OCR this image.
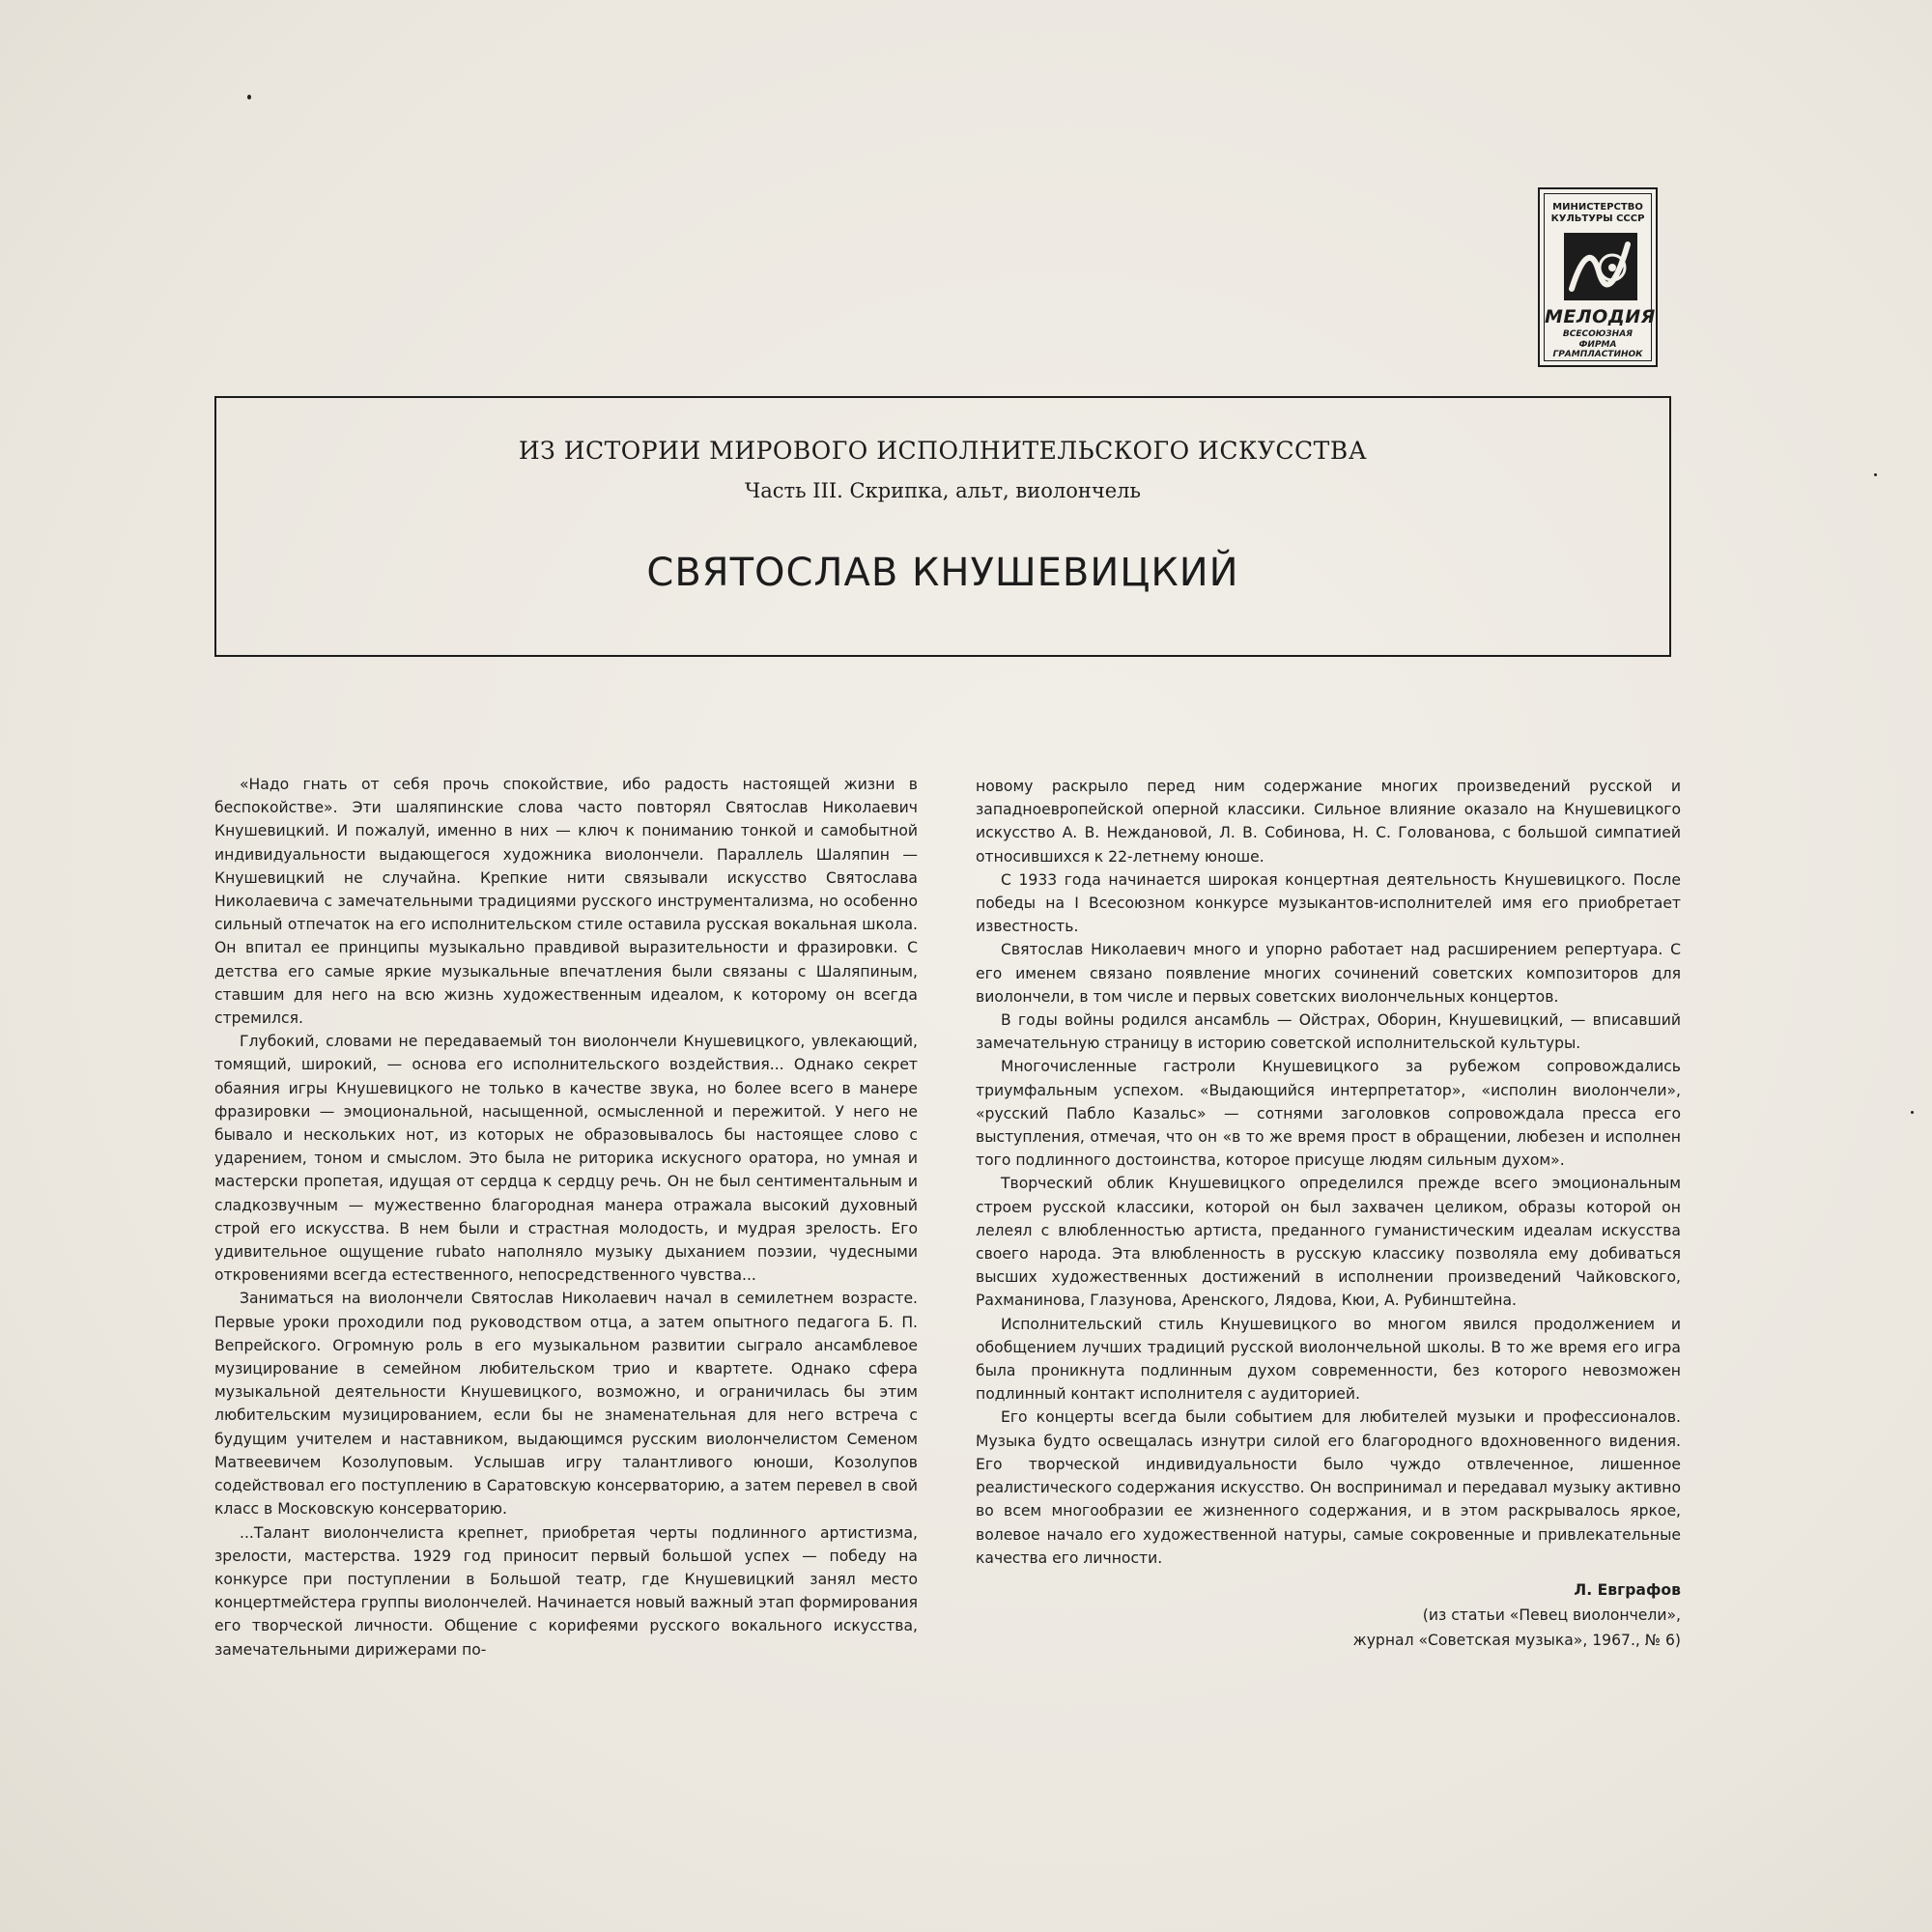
МИНИСТЕРСТВО
КУЛЬТУРЫ СССР
МЕЛОДИЯ
ВСЕСОЮЗНАЯ
ФИРМА
ГРАМПЛАСТИНОК
ИЗ ИСТОРИИ МИРОВОГО ИСПОЛНИТЕЛЬСКОГО ИСКУССТВА
Часть III. Скрипка, альт, виолончель
СВЯТОСЛАВ КНУШЕВИЦКИЙ

«Надо гнать от себя прочь спокойствие, ибо радость настоящей жизни в беспокойстве». Эти шаляпинские слова часто повторял Святослав Николаевич Кнушевицкий. И пожалуй, именно в них — ключ к пониманию тонкой и самобытной индивидуальности выдающегося художника виолончели. Параллель Шаляпин — Кнушевицкий не случайна. Крепкие нити связывали искусство Святослава Николаевича с замечательными традициями русского инструментализма, но особенно сильный отпечаток на его исполнительском стиле оставила русская вокальная школа. Он впитал ее принципы музыкально правдивой выразительности и фразировки. С детства его самые яркие музыкальные впечатления были связаны с Шаляпиным, ставшим для него на всю жизнь художественным идеалом, к которому он всегда стремился.

Глубокий, словами не передаваемый тон виолончели Кнушевицкого, увлекающий, томящий, широкий, — основа его исполнительского воздействия... Однако секрет обаяния игры Кнушевицкого не только в качестве звука, но более всего в манере фразировки — эмоциональной, насыщенной, осмысленной и пережитой. У него не бывало и нескольких нот, из которых не образовывалось бы настоящее слово с ударением, тоном и смыслом. Это была не риторика искусного оратора, но умная и мастерски пропетая, идущая от сердца к сердцу речь. Он не был сентиментальным и сладкозвучным — мужественно благородная манера отражала высокий духовный строй его искусства. В нем были и страстная молодость, и мудрая зрелость. Его удивительное ощущение rubato наполняло музыку дыханием поэзии, чудесными откровениями всегда естественного, непосредственного чувства...

Заниматься на виолончели Святослав Николаевич начал в семилетнем возрасте. Первые уроки проходили под руководством отца, а затем опытного педагога Б. П. Вепрейского. Огромную роль в его музыкальном развитии сыграло ансамблевое музицирование в семейном любительском трио и квартете. Однако сфера музыкальной деятельности Кнушевицкого, возможно, и ограничилась бы этим любительским музицированием, если бы не знаменательная для него встреча с будущим учителем и наставником, выдающимся русским виолончелистом Семеном Матвеевичем Козолуповым. Услышав игру талантливого юноши, Козолупов содействовал его поступлению в Саратовскую консерваторию, а затем перевел в свой класс в Московскую консерваторию.

...Талант виолончелиста крепнет, приобретая черты подлинного артистизма, зрелости, мастерства. 1929 год приносит первый большой успех — победу на конкурсе при поступлении в Большой театр, где Кнушевицкий занял место концертмейстера группы виолончелей. Начинается новый важный этап формирования его творческой личности. Общение с корифеями русского вокального искусства, замечательными дирижерами по-

новому раскрыло перед ним содержание многих произведений русской и западноевропейской оперной классики. Сильное влияние оказало на Кнушевицкого искусство А. В. Неждановой, Л. В. Собинова, Н. С. Голованова, с большой симпатией относившихся к 22-летнему юноше.

С 1933 года начинается широкая концертная деятельность Кнушевицкого. После победы на I Всесоюзном конкурсе музыкантов-исполнителей имя его приобретает известность.

Святослав Николаевич много и упорно работает над расширением репертуара. С его именем связано появление многих сочинений советских композиторов для виолончели, в том числе и первых советских виолончельных концертов.

В годы войны родился ансамбль — Ойстрах, Оборин, Кнушевицкий, — вписавший замечательную страницу в историю советской исполнительской культуры.

Многочисленные гастроли Кнушевицкого за рубежом сопровождались триумфальным успехом. «Выдающийся интерпретатор», «исполин виолончели», «русский Пабло Казальс» — сотнями заголовков сопровождала пресса его выступления, отмечая, что он «в то же время прост в обращении, любезен и исполнен того подлинного достоинства, которое присуще людям сильным духом».

Творческий облик Кнушевицкого определился прежде всего эмоциональным строем русской классики, которой он был захвачен целиком, образы которой он лелеял с влюбленностью артиста, преданного гуманистическим идеалам искусства своего народа. Эта влюбленность в русскую классику позволяла ему добиваться высших художественных достижений в исполнении произведений Чайковского, Рахманинова, Глазунова, Аренского, Лядова, Кюи, А. Рубинштейна.

Исполнительский стиль Кнушевицкого во многом явился продолжением и обобщением лучших традиций русской виолончельной школы. В то же время его игра была проникнута подлинным духом современности, без которого невозможен подлинный контакт исполнителя с аудиторией.

Его концерты всегда были событием для любителей музыки и профессионалов. Музыка будто освещалась изнутри силой его благородного вдохновенного видения. Его творческой индивидуальности было чуждо отвлеченное, лишенное реалистического содержания искусство. Он воспринимал и передавал музыку активно во всем многообразии ее жизненного содержания, и в этом раскрывалось яркое, волевое начало его художественной натуры, самые сокровенные и привлекательные качества его личности.

Л. Евграфов
(из статьи «Певец виолончели»,
журнал «Советская музыка», 1967., № 6)
